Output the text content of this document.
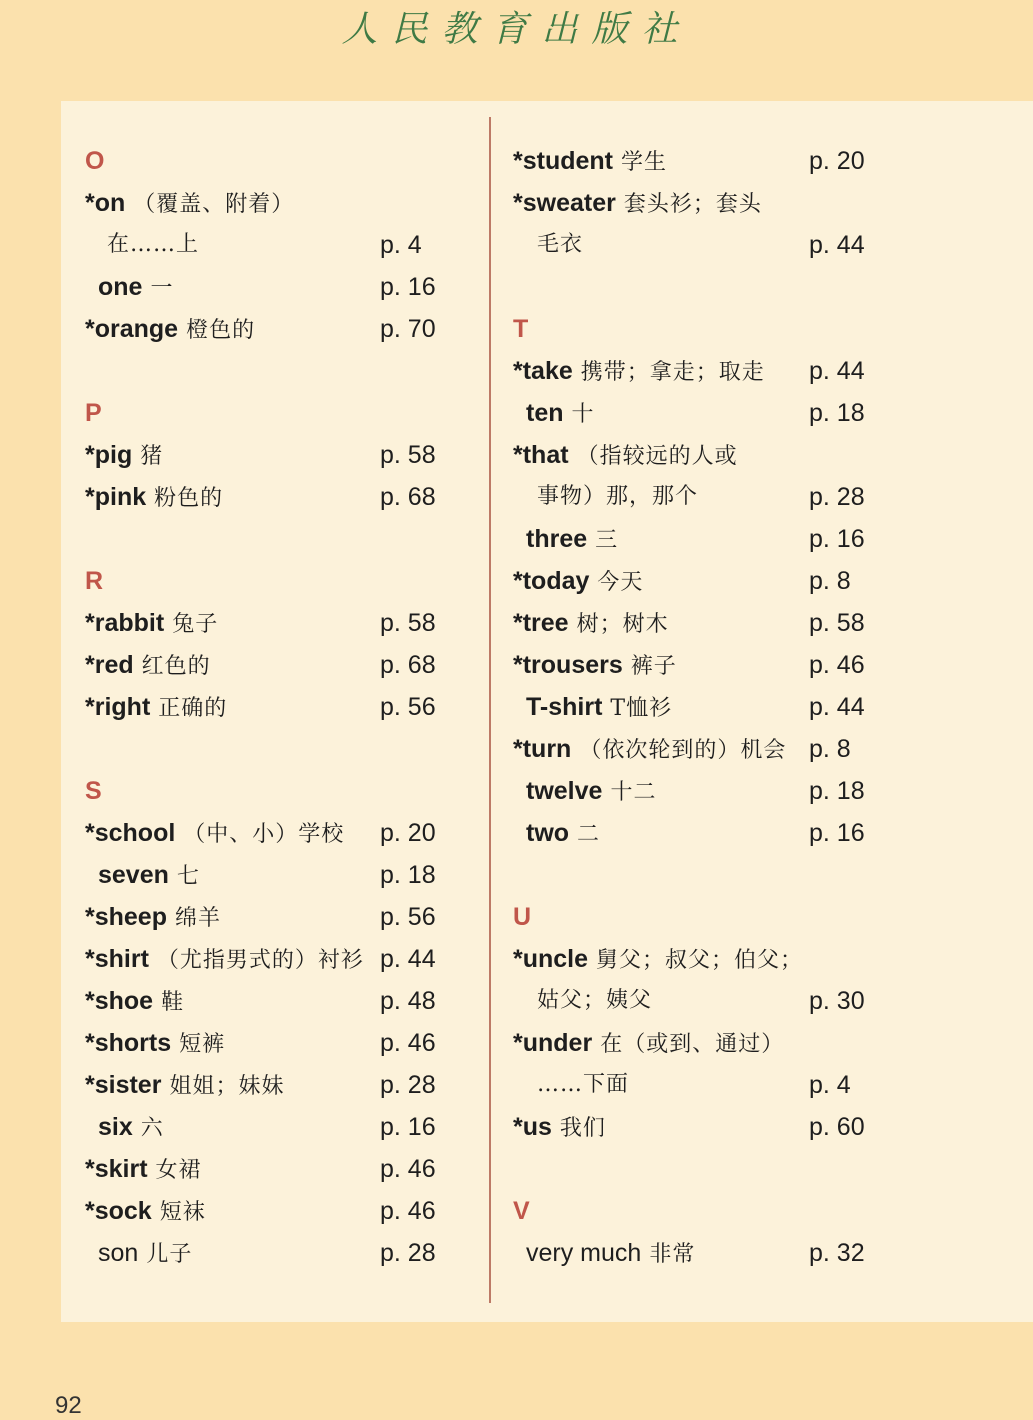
人民教育出版社
O
*on （覆盖、附着）
在……上	p. 4
one 一	p. 16
*orange 橙色的	p. 70
P
*pig 猪	p. 58
*pink 粉色的	p. 68
R
*rabbit 兔子	p. 58
*red 红色的	p. 68
*right 正确的	p. 56
S
*school （中、小）学校 p. 20
seven 七	p. 18
*sheep 绵羊	p. 56
*shirt （尤指男式的）衬衫 p. 44
*shoe 鞋	p. 48
*shorts 短裤	p. 46
*sister 姐姐；妹妹	p. 28
six 六	p. 16
*skirt 女裙	p. 46
*sock 短袜	p. 46
son 儿子	p. 28
*student 学生	p. 20
*sweater 套头衫；套头
毛衣	p. 44
T
*take 携带；拿走；取走 p. 44
ten 十	p. 18
*that （指较远的人或
事物）那，那个	p. 28
three 三	p. 16
*today 今天	p. 8
*tree 树；树木	p. 58
*trousers 裤子	p. 46
T-shirt T恤衫	p. 44
*turn （依次轮到的）机会 p. 8
twelve 十二	p. 18
two 二	p. 16
U
*uncle 舅父；叔父；伯父；
姑父；姨父	p. 30
*under 在（或到、通过）
……下面	p. 4
*us 我们	p. 60
V
very much 非常	p. 32
92
